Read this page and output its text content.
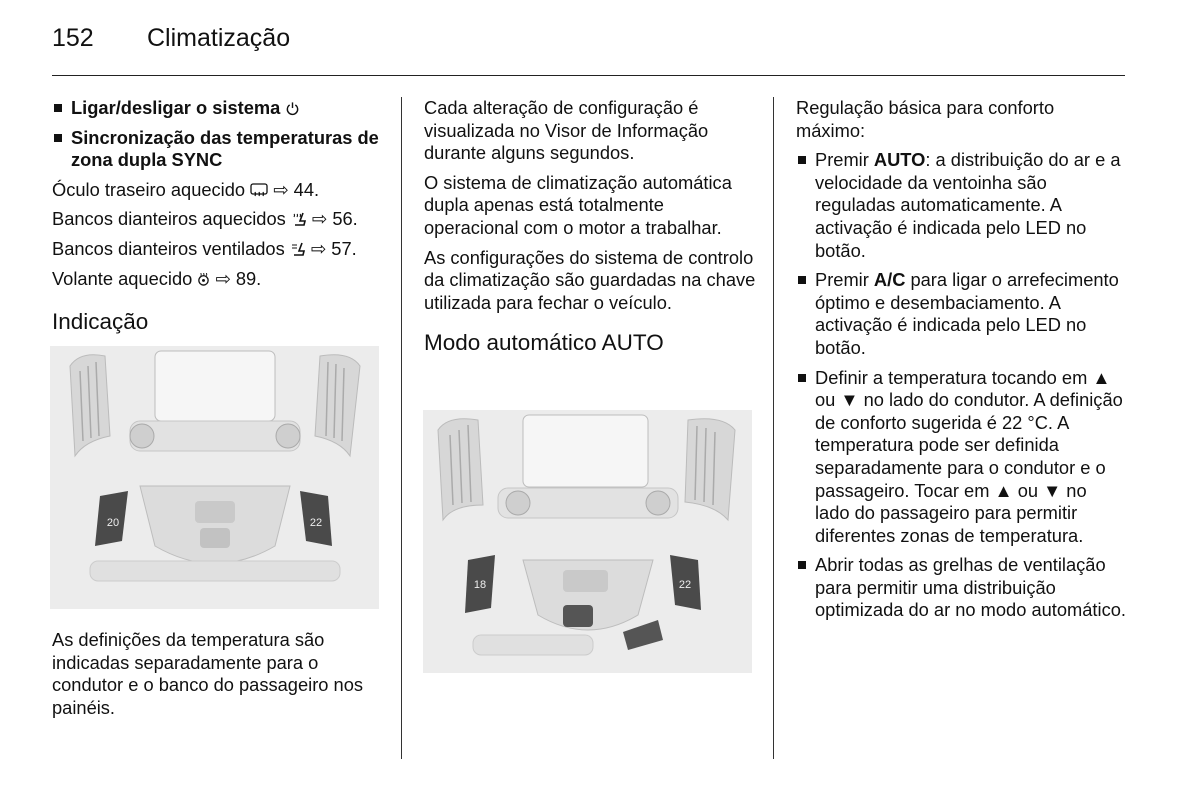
152 Climatização
Ligar/desligar o sistema
Sincronização das temperaturas de zona dupla SYNC

Óculo traseiro aquecido  ⇨ 44.

Bancos dianteiros aquecidos  ⇨ 56.

Bancos dianteiros ventilados  ⇨ 57.

Volante aquecido  ⇨ 89.

Indicação
20	22

As definições da temperatura são indicadas separadamente para o condutor e o banco do passageiro nos painéis.

Cada alteração de configuração é visualizada no Visor de Informação durante alguns segundos.

O sistema de climatização automática dupla apenas está totalmente operacional com o motor a trabalhar.

As configurações do sistema de controlo da climatização são guardadas na chave utilizada para fechar o veículo.

Modo automático AUTO
18	22

Regulação básica para conforto máximo:

Premir AUTO: a distribuição do ar e a velocidade da ventoinha são reguladas automaticamente. A activação é indicada pelo LED no botão.
Premir A/C para ligar o arrefecimento óptimo e desembaciamento. A activação é indicada pelo LED no botão.
Definir a temperatura tocando em ▲ ou ▼ no lado do condutor. A definição de conforto sugerida é 22 °C. A temperatura pode ser definida separadamente para o condutor e o passageiro. Tocar em ▲ ou ▼ no lado do passageiro para permitir diferentes zonas de temperatura.
Abrir todas as grelhas de ventilação para permitir uma distribuição optimizada do ar no modo automático.
